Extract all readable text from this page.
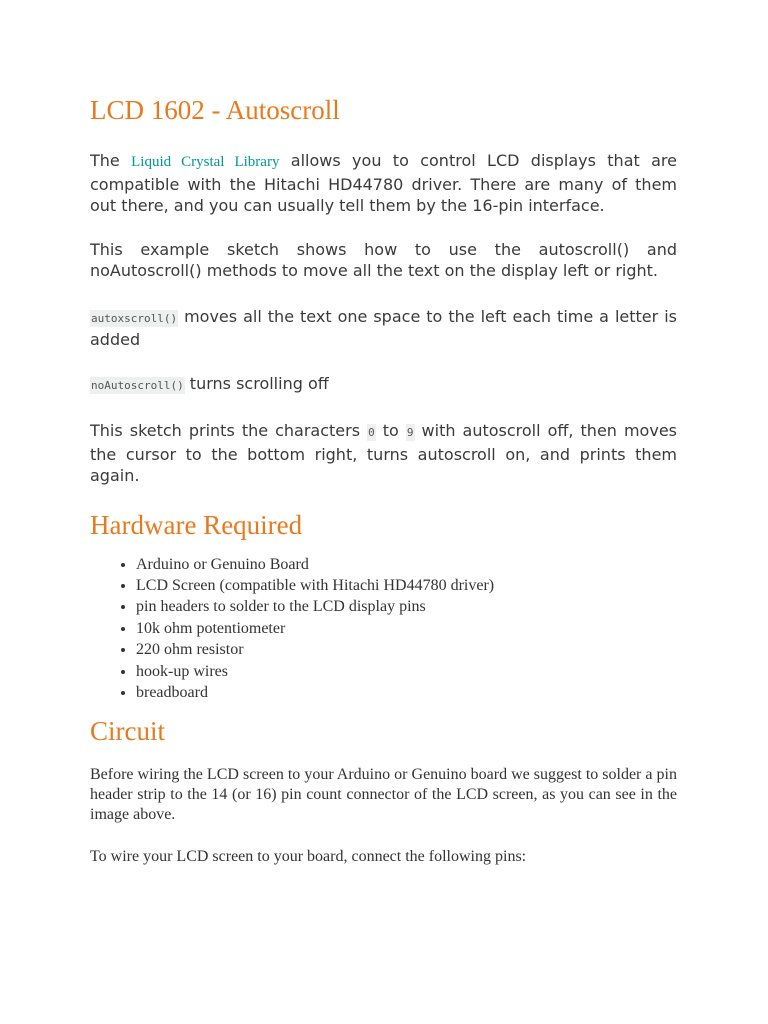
LCD 1602 - Autoscroll

The Liquid Crystal Library allows you to control LCD displays that are compatible with the Hitachi HD44780 driver. There are many of them out there, and you can usually tell them by the 16-pin interface.

This example sketch shows how to use the autoscroll() and noAutoscroll() methods to move all the text on the display left or right.

autoxscroll() moves all the text one space to the left each time a letter is added

noAutoscroll() turns scrolling off

This sketch prints the characters 0 to 9 with autoscroll off, then moves the cursor to the bottom right, turns autoscroll on, and prints them again.

Hardware Required
• Arduino or Genuino Board
• LCD Screen (compatible with Hitachi HD44780 driver)
• pin headers to solder to the LCD display pins
• 10k ohm potentiometer
• 220 ohm resistor
• hook-up wires
• breadboard
Circuit

Before wiring the LCD screen to your Arduino or Genuino board we suggest to solder a pin header strip to the 14 (or 16) pin count connector of the LCD screen, as you can see in the image above.

To wire your LCD screen to your board, connect the following pins:
